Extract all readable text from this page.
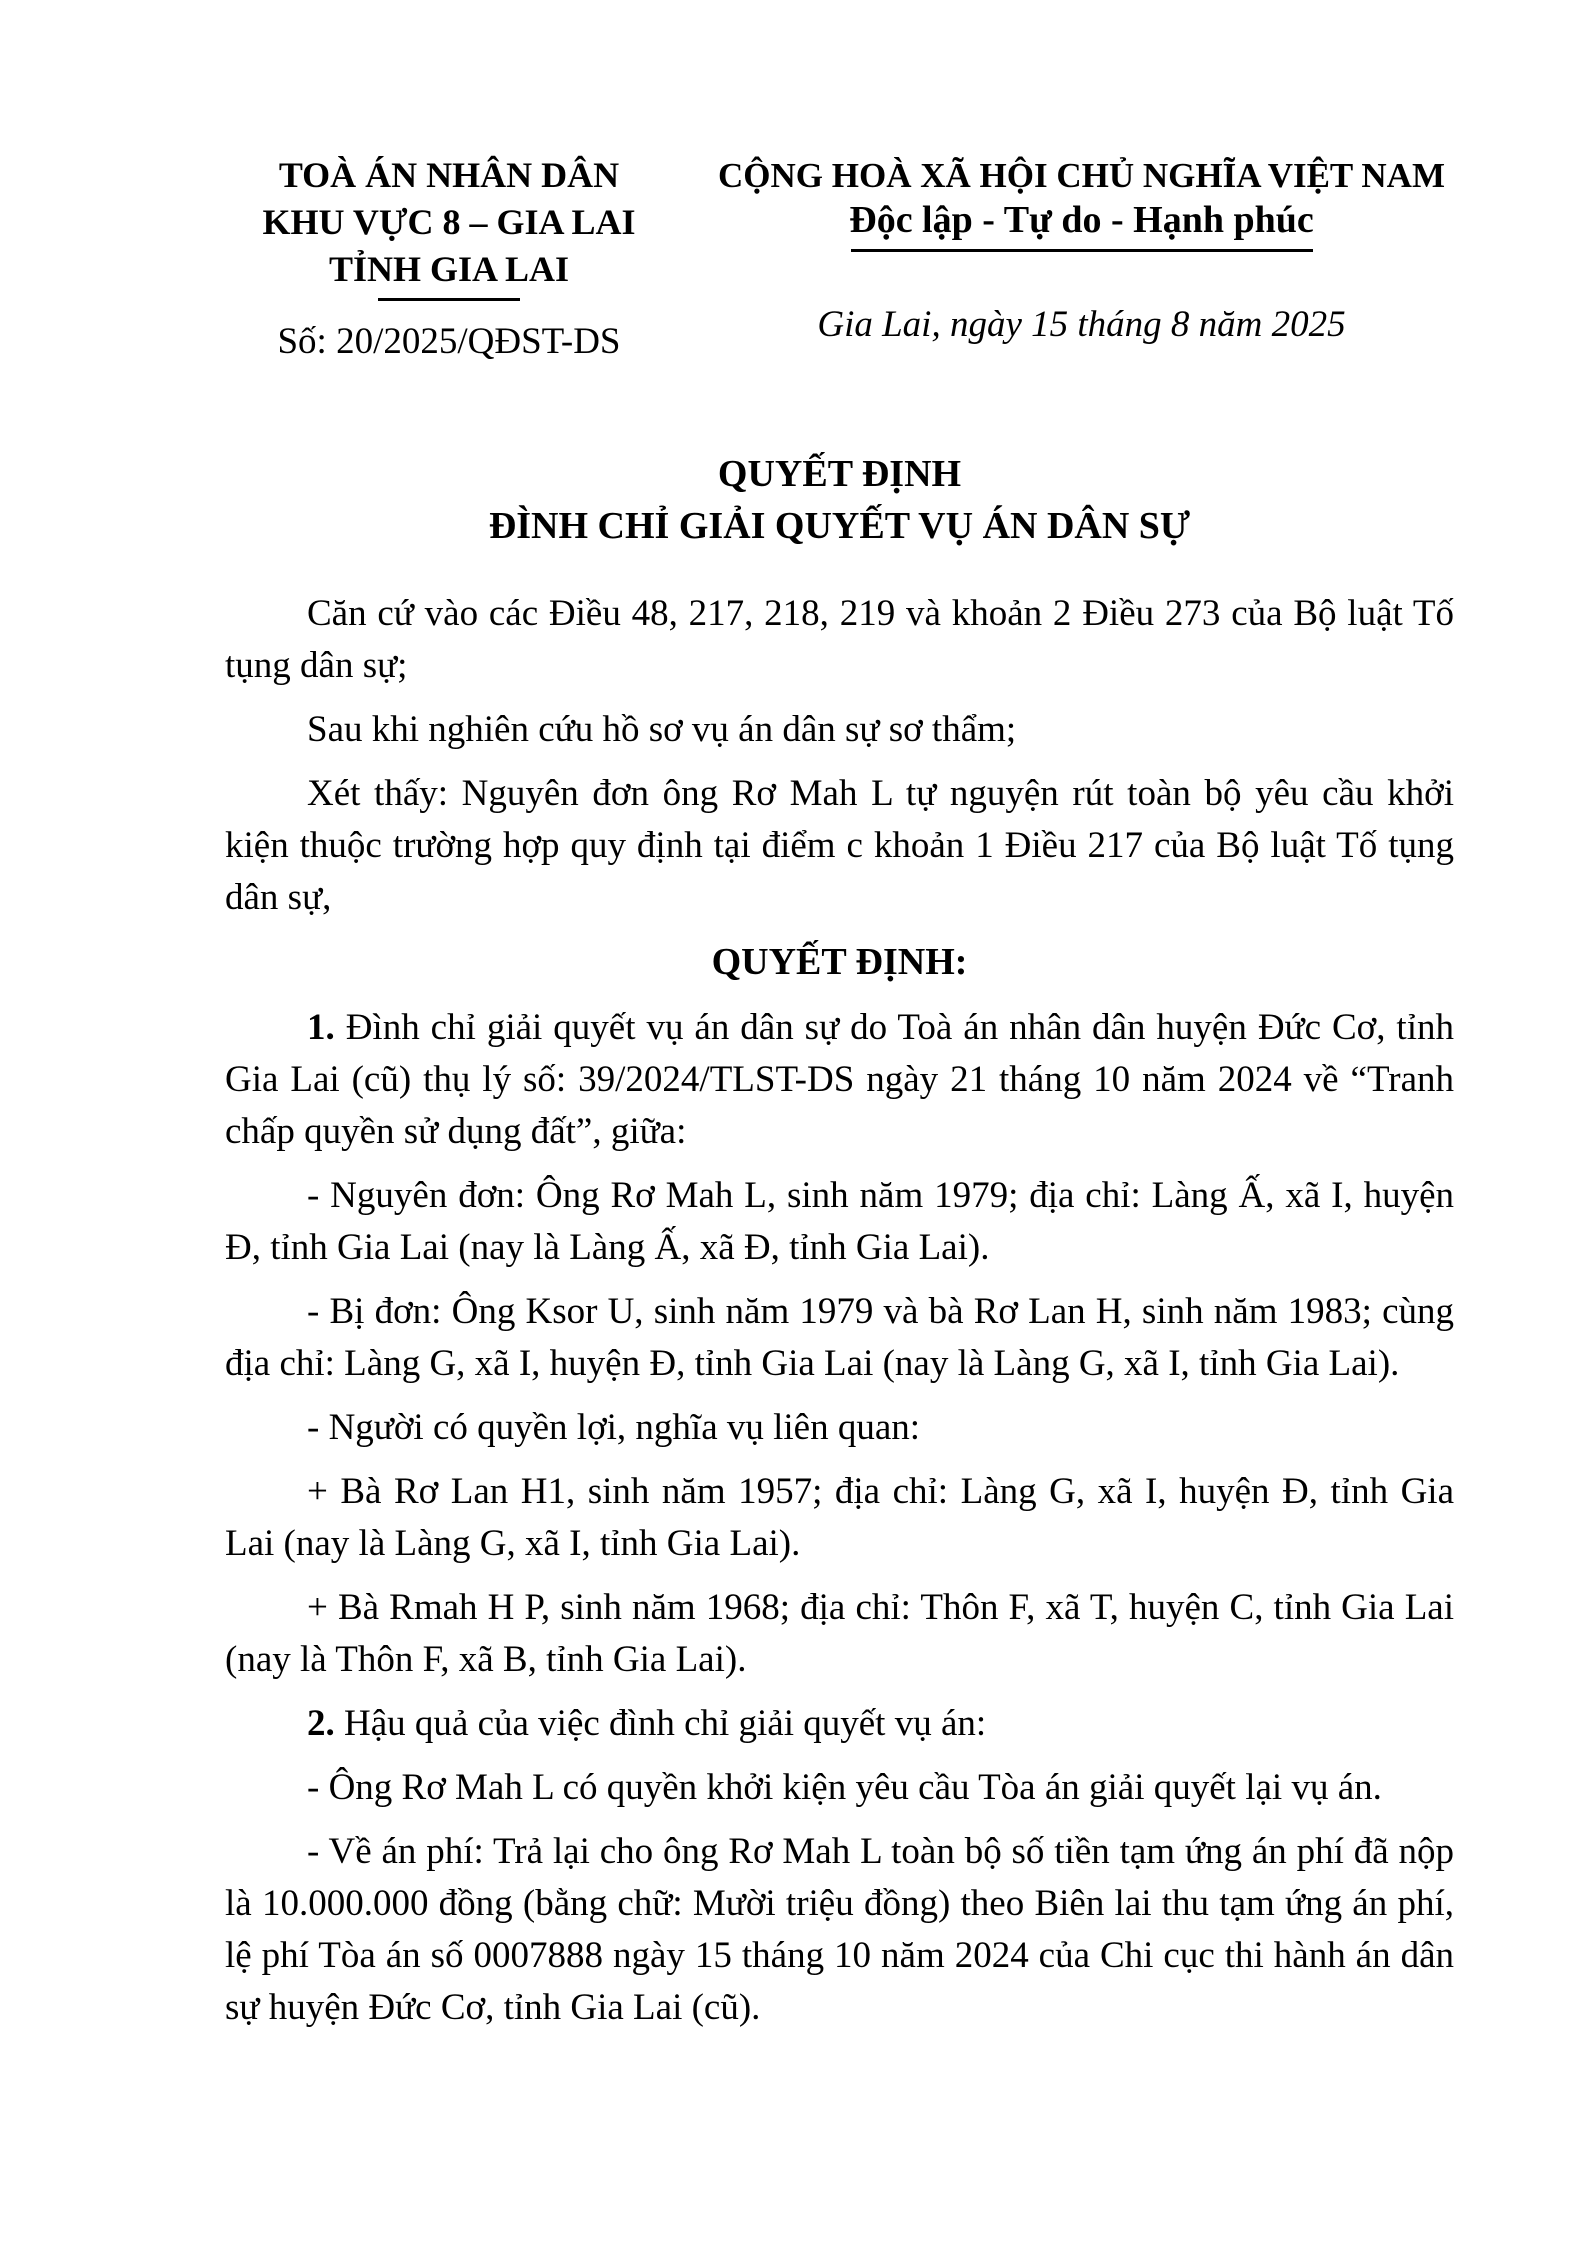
TOÀ ÁN NHÂN DÂN
KHU VỰC 8 – GIA LAI
TỈNH GIA LAI
Số: 20/2025/QĐST-DS
CỘNG HOÀ XÃ HỘI CHỦ NGHĨA VIỆT NAM
Độc lập - Tự do - Hạnh phúc
Gia Lai, ngày 15 tháng 8 năm 2025
QUYẾT ĐỊNH
ĐÌNH CHỈ GIẢI QUYẾT VỤ ÁN DÂN SỰ

Căn cứ vào các Điều 48, 217, 218, 219 và khoản 2 Điều 273 của Bộ luật Tố tụng dân sự;

Sau khi nghiên cứu hồ sơ vụ án dân sự sơ thẩm;

Xét thấy: Nguyên đơn ông Rơ Mah L tự nguyện rút toàn bộ yêu cầu khởi kiện thuộc trường hợp quy định tại điểm c khoản 1 Điều 217 của Bộ luật Tố tụng dân sự,

QUYẾT ĐỊNH:

1. Đình chỉ giải quyết vụ án dân sự do Toà án nhân dân huyện Đức Cơ, tỉnh Gia Lai (cũ) thụ lý số: 39/2024/TLST-DS ngày 21 tháng 10 năm 2024 về “Tranh chấp quyền sử dụng đất”, giữa:

- Nguyên đơn: Ông Rơ Mah L, sinh năm 1979; địa chỉ: Làng Ấ, xã I, huyện Đ, tỉnh Gia Lai (nay là Làng Ấ, xã Đ, tỉnh Gia Lai).

- Bị đơn: Ông Ksor U, sinh năm 1979 và bà Rơ Lan H, sinh năm 1983; cùng địa chỉ: Làng G, xã I, huyện Đ, tỉnh Gia Lai (nay là Làng G, xã I, tỉnh Gia Lai).

- Người có quyền lợi, nghĩa vụ liên quan:

+ Bà Rơ Lan H1, sinh năm 1957; địa chỉ: Làng G, xã I, huyện Đ, tỉnh Gia Lai (nay là Làng G, xã I, tỉnh Gia Lai).

+ Bà Rmah H P, sinh năm 1968; địa chỉ: Thôn F, xã T, huyện C, tỉnh Gia Lai (nay là Thôn F, xã B, tỉnh Gia Lai).

2. Hậu quả của việc đình chỉ giải quyết vụ án:

- Ông Rơ Mah L có quyền khởi kiện yêu cầu Tòa án giải quyết lại vụ án.

- Về án phí: Trả lại cho ông Rơ Mah L toàn bộ số tiền tạm ứng án phí đã nộp là 10.000.000 đồng (bằng chữ: Mười triệu đồng) theo Biên lai thu tạm ứng án phí, lệ phí Tòa án số 0007888 ngày 15 tháng 10 năm 2024 của Chi cục thi hành án dân sự huyện Đức Cơ, tỉnh Gia Lai (cũ).
